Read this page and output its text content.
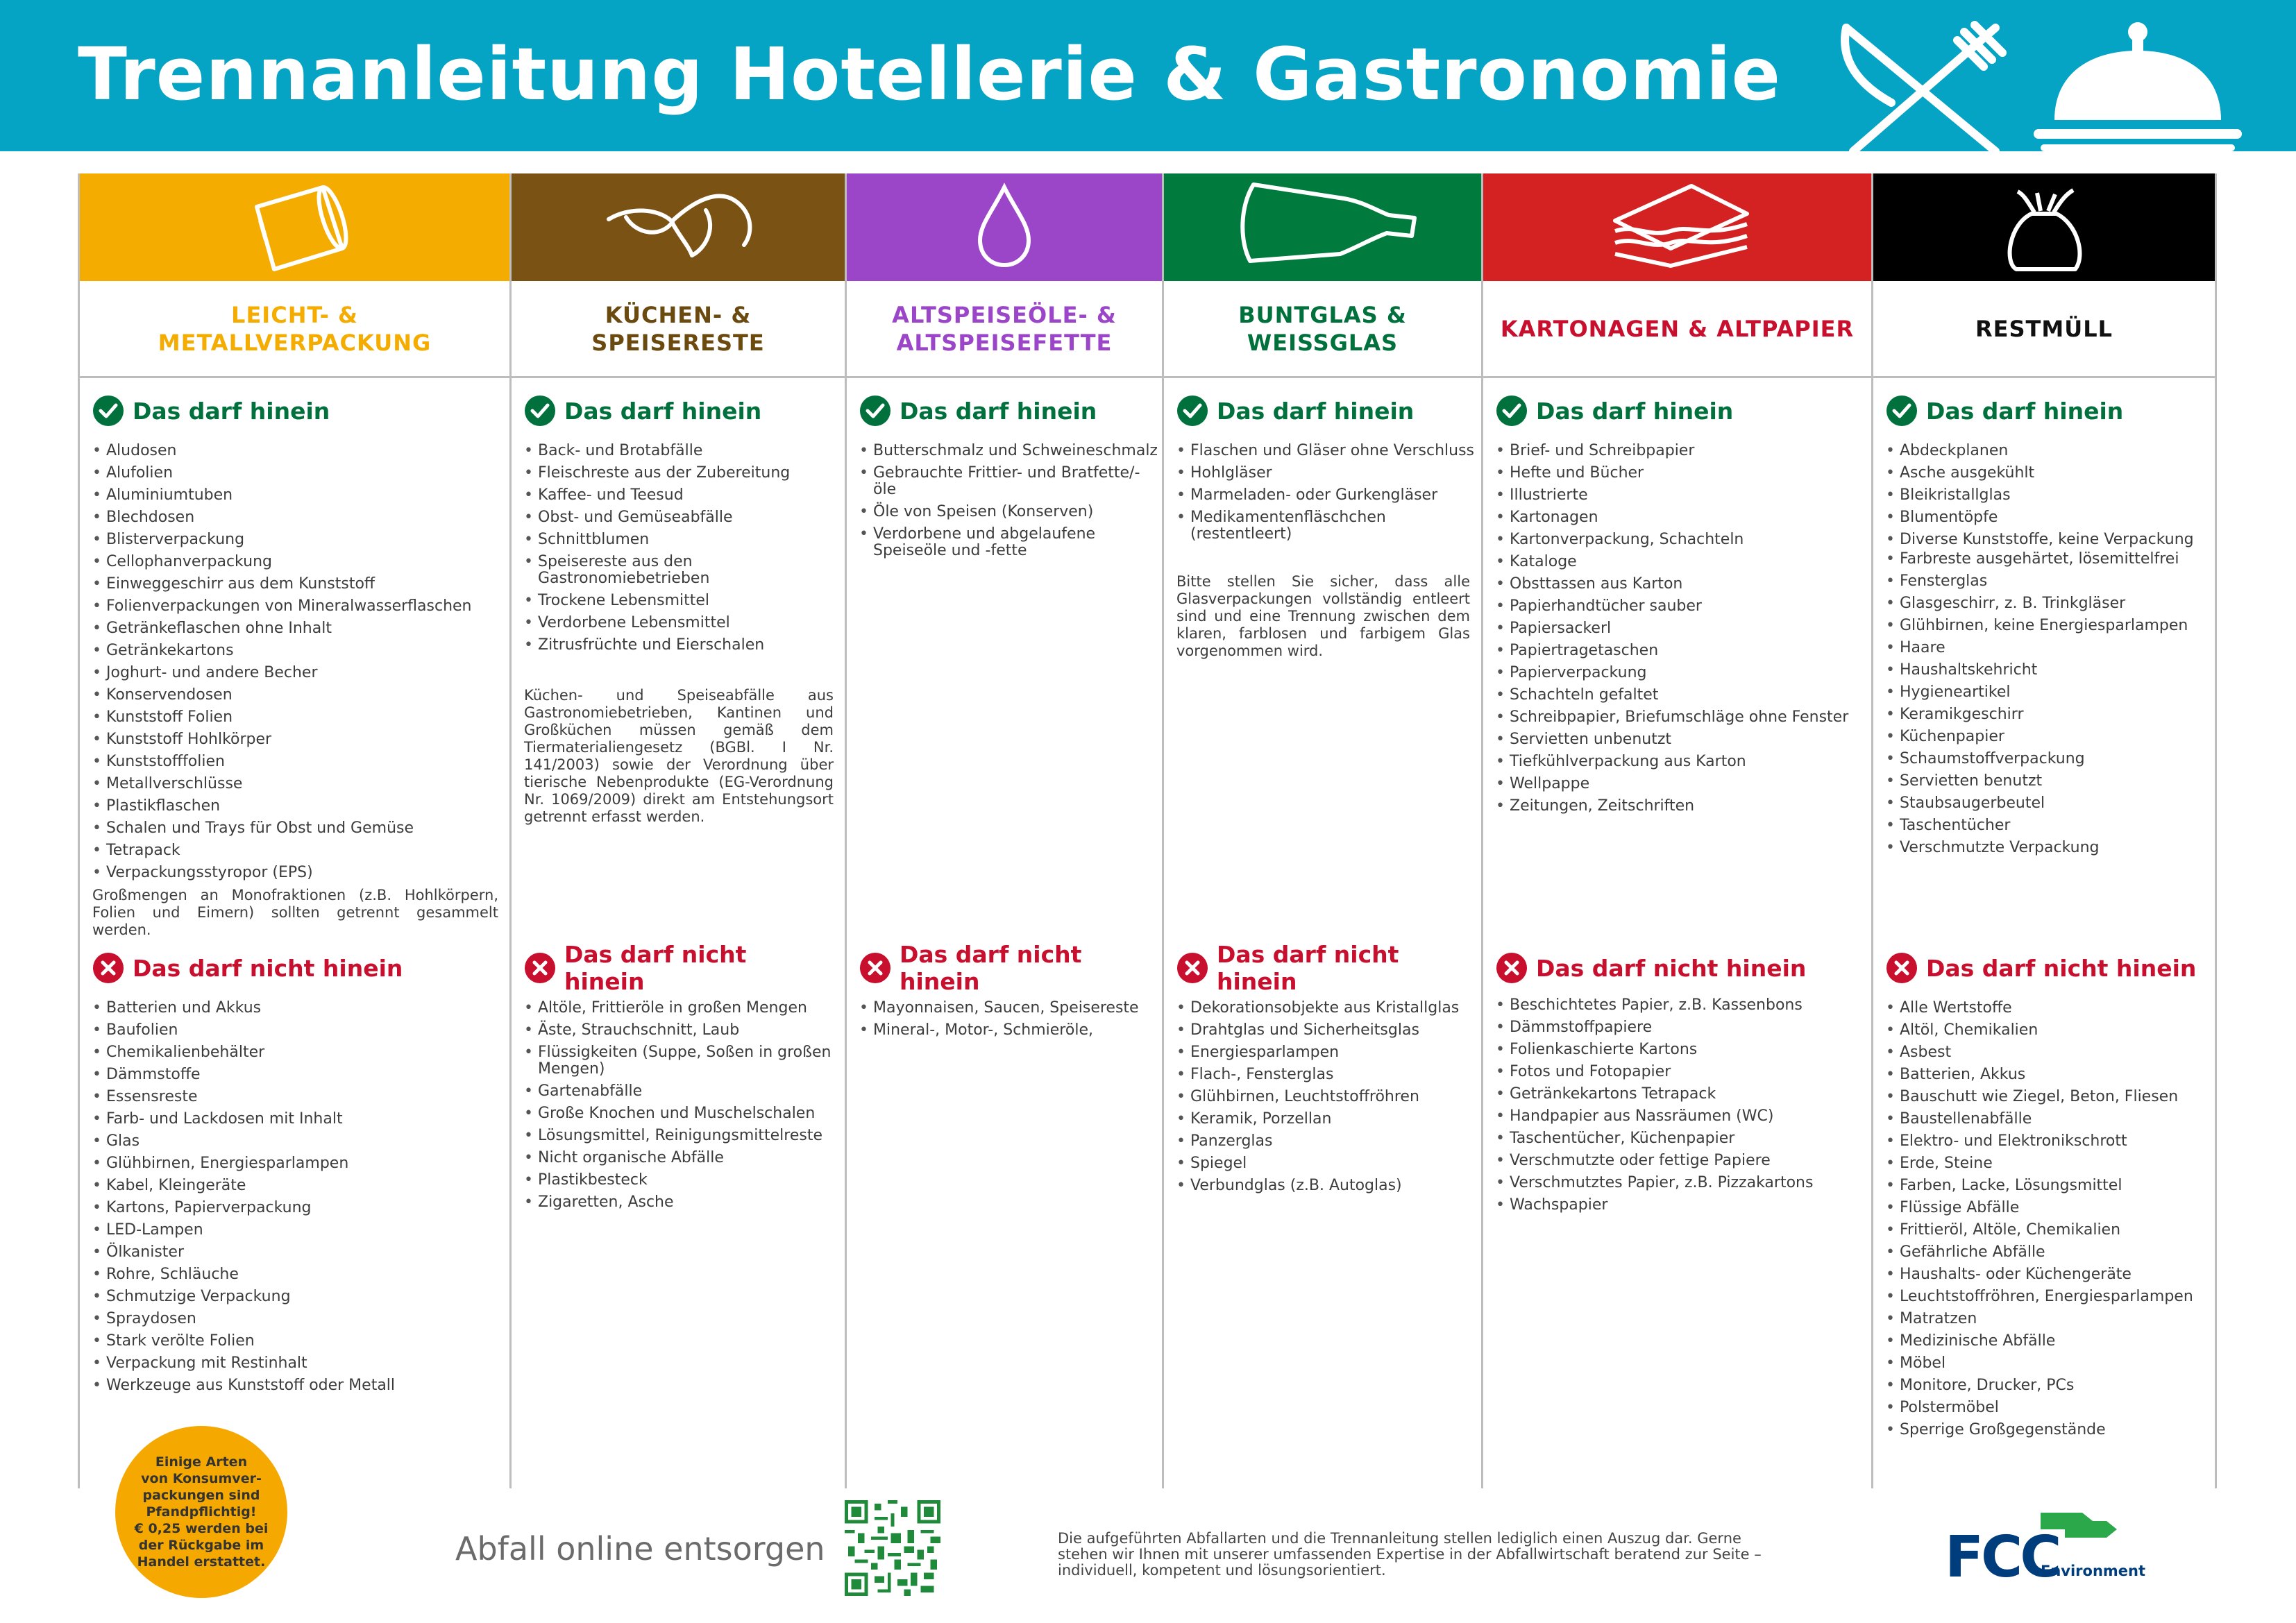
Trennanleitung Hotellerie & Gastronomie
LEICHT- &
METALLVERPACKUNG
Das darf hinein
• Aludosen
• Alufolien
• Aluminiumtuben
• Blechdosen
• Blisterverpackung
• Cellophanverpackung
• Einweggeschirr aus dem Kunststoff
• Folienverpackungen von Mineralwasserflaschen
• Getränkeflaschen ohne Inhalt
• Getränkekartons
• Joghurt- und andere Becher
• Konservendosen
• Kunststoff Folien
• Kunststoff Hohlkörper
• Kunststofffolien
• Metallverschlüsse
• Plastikflaschen
• Schalen und Trays für Obst und Gemüse
• Tetrapack
• Verpackungsstyropor (EPS)
Großmengen an Monofraktionen (z.B. Hohlkörpern, Folien und Eimern) sollten getrennt gesammelt werden.
Das darf nicht hinein
• Batterien und Akkus
• Baufolien
• Chemikalienbehälter
• Dämmstoffe
• Essensreste
• Farb- und Lackdosen mit Inhalt
• Glas
• Glühbirnen, Energiesparlampen
• Kabel, Kleingeräte
• Kartons, Papierverpackung
• LED-Lampen
• Ölkanister
• Rohre, Schläuche
• Schmutzige Verpackung
• Spraydosen
• Stark verölte Folien
• Verpackung mit Restinhalt
• Werkzeuge aus Kunststoff oder Metall
KÜCHEN- &
SPEISERESTE
Das darf hinein
• Back- und Brotabfälle
• Fleischreste aus der Zubereitung
• Kaffee- und Teesud
• Obst- und Gemüseabfälle
• Schnittblumen
• Speisereste aus den Gastronomiebetrieben
• Trockene Lebensmittel
• Verdorbene Lebensmittel
• Zitrusfrüchte und Eierschalen
Küchen- und Speiseabfälle aus Gastronomiebetrieben, Kantinen und Großküchen müssen gemäß dem Tiermaterialiengesetz (BGBl. I Nr. 141/2003) sowie der Verordnung über tierische Nebenprodukte (EG-Verordnung Nr. 1069/2009) direkt am Entstehungsort getrennt erfasst werden.
Das darf nicht hinein
• Altöle, Frittieröle in großen Mengen
• Äste, Strauchschnitt, Laub
• Flüssigkeiten (Suppe, Soßen in großen Mengen)
• Gartenabfälle
• Große Knochen und Muschelschalen
• Lösungsmittel, Reinigungsmittelreste
• Nicht organische Abfälle
• Plastikbesteck
• Zigaretten, Asche
ALTSPEISEÖLE- &
ALTSPEISEFETTE
Das darf hinein
• Butterschmalz und Schweineschmalz
• Gebrauchte Frittier- und Bratfette/-öle
• Öle von Speisen (Konserven)
• Verdorbene und abgelaufene Speiseöle und -fette
Das darf nicht hinein
• Mayonnaisen, Saucen, Speisereste
• Mineral-, Motor-, Schmieröle,
BUNTGLAS &
WEISSGLAS
Das darf hinein
• Flaschen und Gläser ohne Verschluss
• Hohlgläser
• Marmeladen- oder Gurkengläser
• Medikamentenfläschchen (restentleert)
Bitte stellen Sie sicher, dass alle Glasverpackungen vollständig entleert sind und eine Trennung zwischen dem klaren, farblosen und farbigem Glas vorgenommen wird.
Das darf nicht hinein
• Dekorationsobjekte aus Kristallglas
• Drahtglas und Sicherheitsglas
• Energiesparlampen
• Flach-, Fensterglas
• Glühbirnen, Leuchtstoffröhren
• Keramik, Porzellan
• Panzerglas
• Spiegel
• Verbundglas (z.B. Autoglas)
KARTONAGEN & ALTPAPIER
Das darf hinein
• Brief- und Schreibpapier
• Hefte und Bücher
• Illustrierte
• Kartonagen
• Kartonverpackung, Schachteln
• Kataloge
• Obsttassen aus Karton
• Papierhandtücher sauber
• Papiersackerl
• Papiertragetaschen
• Papierverpackung
• Schachteln gefaltet
• Schreibpapier, Briefumschläge ohne Fenster
• Servietten unbenutzt
• Tiefkühlverpackung aus Karton
• Wellpappe
• Zeitungen, Zeitschriften
Das darf nicht hinein
• Beschichtetes Papier, z.B. Kassenbons
• Dämmstoffpapiere
• Folienkaschierte Kartons
• Fotos und Fotopapier
• Getränkekartons Tetrapack
• Handpapier aus Nassräumen (WC)
• Taschentücher, Küchenpapier
• Verschmutzte oder fettige Papiere
• Verschmutztes Papier, z.B. Pizzakartons
• Wachspapier
RESTMÜLL
Das darf hinein
• Abdeckplanen
• Asche ausgekühlt
• Bleikristallglas
• Blumentöpfe
• Diverse Kunststoffe, keine Verpackung
• Farbreste ausgehärtet, lösemittelfrei
• Fensterglas
• Glasgeschirr, z. B. Trinkgläser
• Glühbirnen, keine Energiesparlampen
• Haare
• Haushaltskehricht
• Hygieneartikel
• Keramikgeschirr
• Küchenpapier
• Schaumstoffverpackung
• Servietten benutzt
• Staubsaugerbeutel
• Taschentücher
• Verschmutzte Verpackung
Das darf nicht hinein
• Alle Wertstoffe
• Altöl, Chemikalien
• Asbest
• Batterien, Akkus
• Bauschutt wie Ziegel, Beton, Fliesen
• Baustellenabfälle
• Elektro- und Elektronikschrott
• Erde, Steine
• Farben, Lacke, Lösungsmittel
• Flüssige Abfälle
• Frittieröl, Altöle, Chemikalien
• Gefährliche Abfälle
• Haushalts- oder Küchengeräte
• Leuchtstoffröhren, Energiesparlampen
• Matratzen
• Medizinische Abfälle
• Möbel
• Monitore, Drucker, PCs
• Polstermöbel
• Sperrige Großgegenstände
Einige Arten
von Konsumver-
packungen sind
Pfandpflichtig!
€ 0,25 werden bei
der Rückgabe im
Handel erstattet.	Abfall online entsorgen	Die aufgeführten Abfallarten und die Trennanleitung stellen lediglich einen Auszug dar. Gerne stehen wir Ihnen mit unserer umfassenden Expertise in der Abfallwirtschaft beratend zur Seite – individuell, kompetent und lösungsorientiert.	FCC
Environment
